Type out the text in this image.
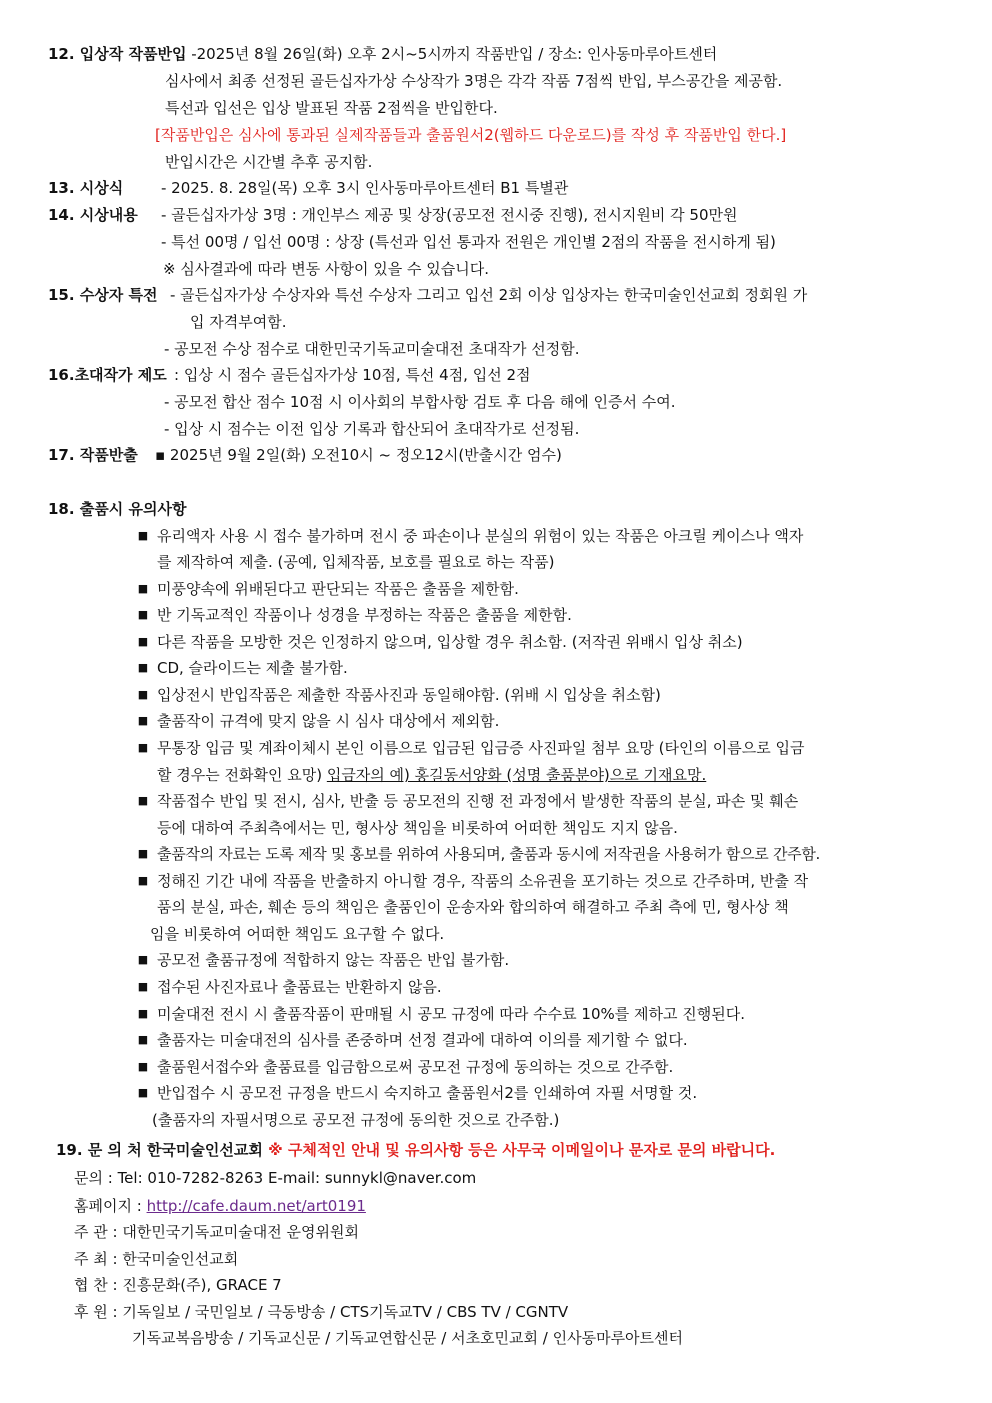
12. 입상작 작품반입 -2025년 8월 26일(화) 오후 2시~5시까지 작품반입 / 장소: 인사동마루아트센터
심사에서 최종 선정된 골든십자가상 수상작가 3명은 각각 작품 7점씩 반입, 부스공간을 제공함.
특선과 입선은 입상 발표된 작품 2점씩을 반입한다.
[작품반입은 심사에 통과된 실제작품들과 출품원서2(웹하드 다운로드)를 작성 후 작품반입 한다.]
반입시간은 시간별 추후 공지함.
13. 시상식	- 2025. 8. 28일(목) 오후 3시 인사동마루아트센터 B1 특별관
14. 시상내용 - 골든십자가상 3명 : 개인부스 제공 및 상장(공모전 전시중 진행), 전시지원비 각 50만원
- 특선 00명 / 입선 00명 : 상장 (특선과 입선 통과자 전원은 개인별 2점의 작품을 전시하게 됨)
※ 심사결과에 따라 변동 사항이 있을 수 있습니다.
15. 수상자 특전 - 골든십자가상 수상자와 특선 수상자 그리고 입선 2회 이상 입상자는 한국미술인선교회 정회원 가
입 자격부여함.
- 공모전 수상 점수로 대한민국기독교미술대전 초대작가 선정함.
16.초대작가 제도 : 입상 시 점수 골든십자가상 10점, 특선 4점, 입선 2점
- 공모전 합산 점수 10점 시 이사회의 부합사항 검토 후 다음 해에 인증서 수여.
- 입상 시 점수는 이전 입상 기록과 합산되어 초대작가로 선정됨.
17. 작품반출 ▪ 2025년 9월 2일(화) 오전10시 ~ 정오12시(반출시간 엄수)
18. 출품시 유의사항
■ 유리액자 사용 시 접수 불가하며 전시 중 파손이나 분실의 위험이 있는 작품은 아크릴 케이스나 액자
를 제작하여 제출. (공예, 입체작품, 보호를 필요로 하는 작품)
■ 미풍양속에 위배된다고 판단되는 작품은 출품을 제한함.
■ 반 기독교적인 작품이나 성경을 부정하는 작품은 출품을 제한함.
■ 다른 작품을 모방한 것은 인정하지 않으며, 입상할 경우 취소함. (저작권 위배시 입상 취소)
■ CD, 슬라이드는 제출 불가함.
■ 입상전시 반입작품은 제출한 작품사진과 동일해야함. (위배 시 입상을 취소함)
■ 출품작이 규격에 맞지 않을 시 심사 대상에서 제외함.
■ 무통장 입금 및 계좌이체시 본인 이름으로 입금된 입금증 사진파일 첨부 요망 (타인의 이름으로 입금
할 경우는 전화확인 요망) 입금자의 예) 홍길동서양화 (성명 출품분야)으로 기재요망.
■ 작품접수 반입 및 전시, 심사, 반출 등 공모전의 진행 전 과정에서 발생한 작품의 분실, 파손 및 훼손
등에 대하여 주최측에서는 민, 형사상 책임을 비롯하여 어떠한 책임도 지지 않음.
■ 출품작의 자료는 도록 제작 및 홍보를 위하여 사용되며, 출품과 동시에 저작권을 사용허가 함으로 간주함.
■ 정해진 기간 내에 작품을 반출하지 아니할 경우, 작품의 소유권을 포기하는 것으로 간주하며, 반출 작
품의 분실, 파손, 훼손 등의 책임은 출품인이 운송자와 합의하여 해결하고 주최 측에 민, 형사상 책
임을 비롯하여 어떠한 책임도 요구할 수 없다.
■ 공모전 출품규정에 적합하지 않는 작품은 반입 불가함.
■ 접수된 사진자료나 출품료는 반환하지 않음.
■ 미술대전 전시 시 출품작품이 판매될 시 공모 규정에 따라 수수료 10%를 제하고 진행된다.
■ 출품자는 미술대전의 심사를 존중하며 선정 결과에 대하여 이의를 제기할 수 없다.
■ 출품원서접수와 출품료를 입금함으로써 공모전 규정에 동의하는 것으로 간주함.
■ 반입접수 시 공모전 규정을 반드시 숙지하고 출품원서2를 인쇄하여 자필 서명할 것.
(출품자의 자필서명으로 공모전 규정에 동의한 것으로 간주함.)
19. 문 의 처 한국미술인선교회 ※ 구체적인 안내 및 유의사항 등은 사무국 이메일이나 문자로 문의 바랍니다.
문의 : Tel: 010-7282-8263 E-mail: sunnykl@naver.com
홈페이지 : http://cafe.daum.net/art0191
주 관 : 대한민국기독교미술대전 운영위원회
주 최 : 한국미술인선교회
협 찬 : 진흥문화(주), GRACE 7
후 원 : 기독일보 / 국민일보 / 극동방송 / CTS기독교TV / CBS TV / CGNTV
기독교복음방송 / 기독교신문 / 기독교연합신문 / 서초호민교회 / 인사동마루아트센터
